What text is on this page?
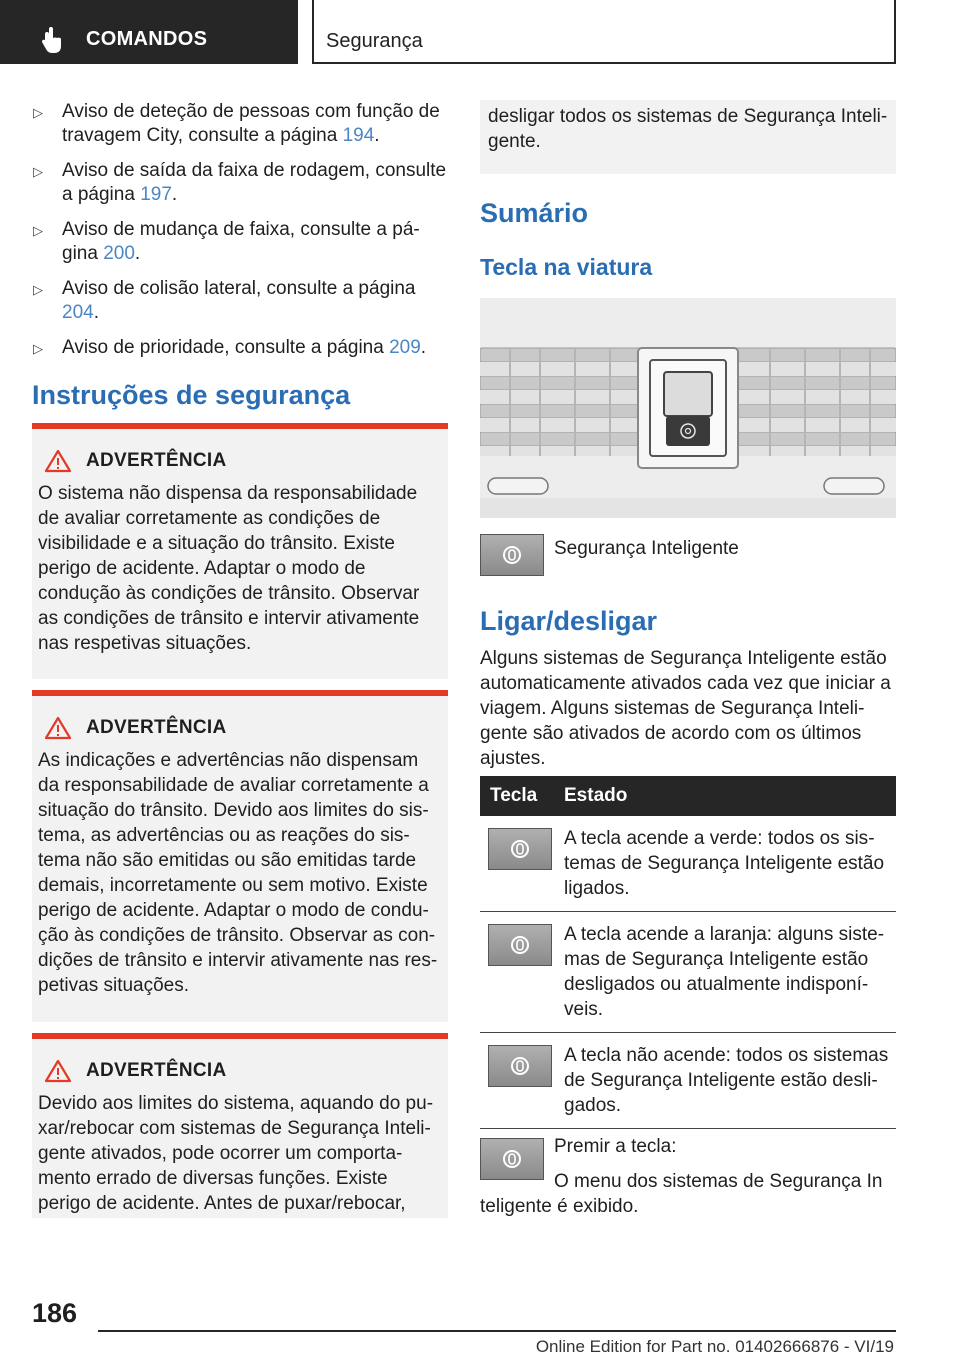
COMANDOS	Segurança
▷ Aviso de deteção de pessoas com função de travagem City, consulte a página 194.
▷ Aviso de saída da faixa de rodagem, consulte a página 197.
▷ Aviso de mudança de faixa, consulte a página 200.
▷ Aviso de colisão lateral, consulte a página 204.
▷ Aviso de prioridade, consulte a página 209.
Instruções de segurança
ADVERTÊNCIA

O sistema não dispensa da responsabilidade de avaliar corretamente as condições de visibilidade e a situação do trânsito. Existe perigo de acidente. Adaptar o modo de condução às condições de trânsito. Observar as condições de trânsito e intervir ativamente nas respetivas situações.

ADVERTÊNCIA

As indicações e advertências não dispensam da responsabilidade de avaliar corretamente a situação do trânsito. Devido aos limites do sistema, as advertências ou as reações do sistema não são emitidas ou são emitidas tarde demais, incorretamente ou sem motivo. Existe perigo de acidente. Adaptar o modo de condução às condições de trânsito. Observar as condições de trânsito e intervir ativamente nas respetivas situações.

ADVERTÊNCIA

Devido aos limites do sistema, aquando do puxar/rebocar com sistemas de Segurança Inteligente ativados, pode ocorrer um comportamento errado de diversas funções. Existe perigo de acidente. Antes de puxar/rebocar,

desligar todos os sistemas de Segurança Inteligente.
Sumário
Tecla na viatura
Segurança Inteligente
Ligar/desligar

Alguns sistemas de Segurança Inteligente estão automaticamente ativados cada vez que iniciar a viagem. Alguns sistemas de Segurança Inteligente são ativados de acordo com os últimos ajustes.

Tecla	Estado
A tecla acende a verde: todos os sistemas de Segurança Inteligente estão ligados.
A tecla acende a laranja: alguns sistemas de Segurança Inteligente estão desligados ou atualmente indisponíveis.
A tecla não acende: todos os sistemas de Segurança Inteligente estão desligados.

Premir a tecla:

O menu dos sistemas de Segurança In

teligente é exibido.

186
Online Edition for Part no. 01402666876 - VI/19
